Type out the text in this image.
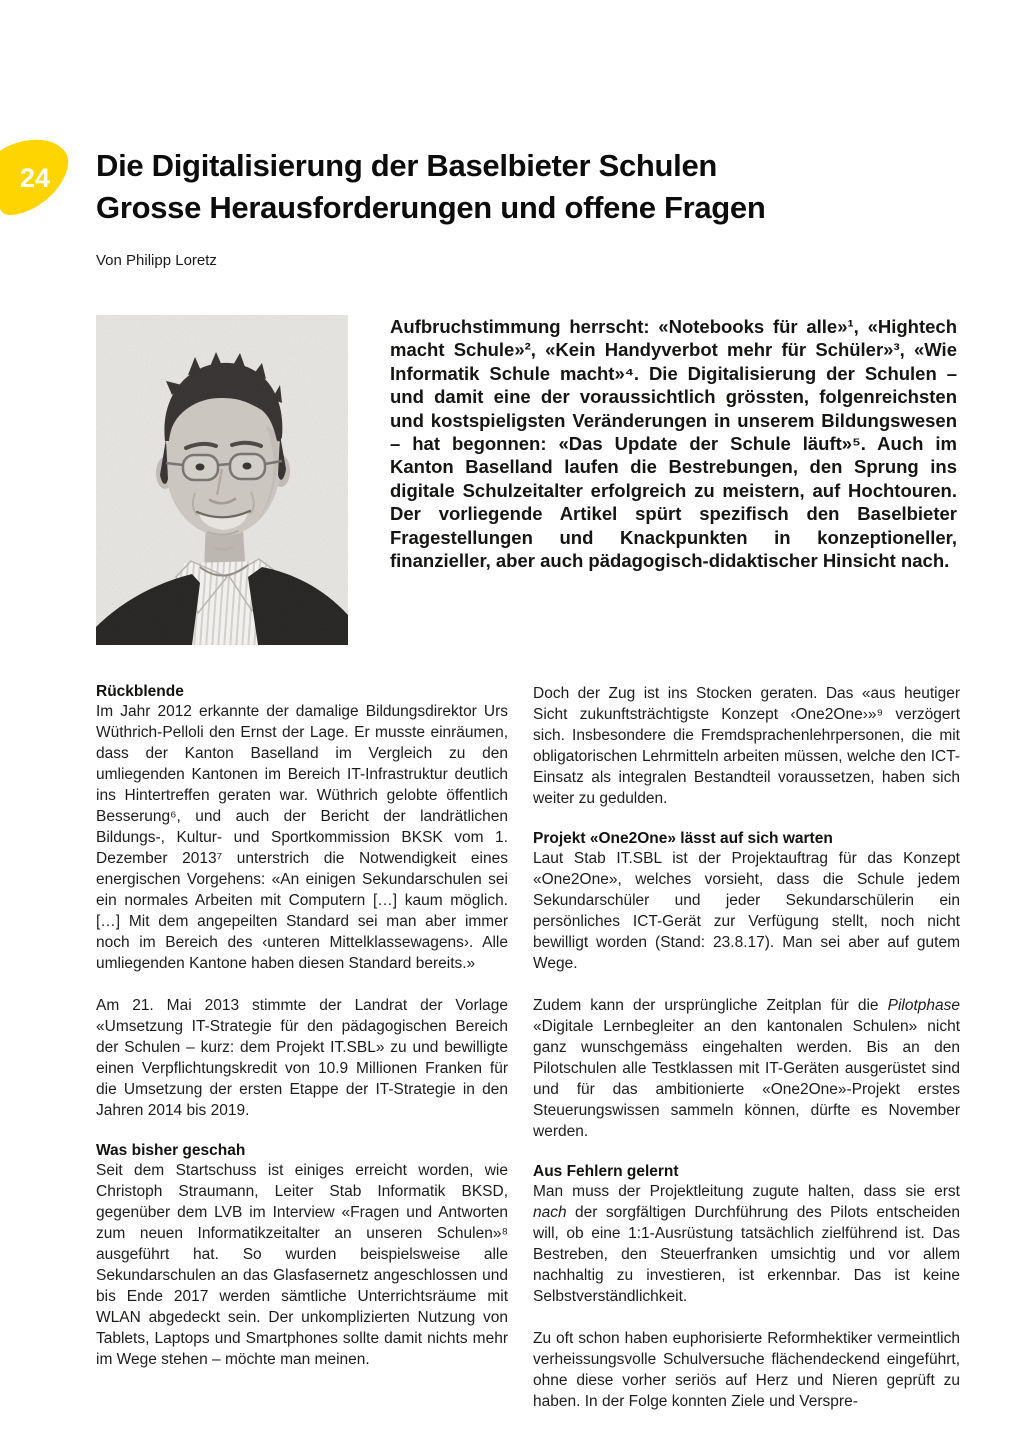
24 Die Digitalisierung der Baselbieter Schulen
Grosse Herausforderungen und offene Fragen
Von Philipp Loretz

Aufbruchstimmung herrscht: «Notebooks für alle»¹, «Hightech macht Schule»², «Kein Handyverbot mehr für Schüler»³, «Wie Informatik Schule macht»⁴. Die Digitalisierung der Schulen – und damit eine der voraussichtlich grössten, folgenreichsten und kostspieligsten Veränderungen in unserem Bildungswesen – hat begonnen: «Das Update der Schule läuft»⁵. Auch im Kanton Baselland laufen die Bestrebungen, den Sprung ins digitale Schulzeitalter erfolgreich zu meistern, auf Hochtouren. Der vorliegende Artikel spürt spezifisch den Baselbieter Fragestellungen und Knackpunkten in konzeptioneller, finanzieller, aber auch pädagogisch-didaktischer Hinsicht nach.

Rückblende

Im Jahr 2012 erkannte der damalige Bildungsdirektor Urs Wüthrich-Pelloli den Ernst der Lage. Er musste einräumen, dass der Kanton Baselland im Vergleich zu den umliegenden Kantonen im Bereich IT-Infrastruktur deutlich ins Hintertreffen geraten war. Wüthrich gelobte öffentlich Besserung⁶, und auch der Bericht der landrätlichen Bildungs-, Kultur- und Sportkommission BKSK vom 1. Dezember 2013⁷ unterstrich die Notwendigkeit eines energischen Vorgehens: «An einigen Sekundarschulen sei ein normales Arbeiten mit Computern […] kaum möglich. […] Mit dem angepeilten Standard sei man aber immer noch im Bereich des ‹unteren Mittelklassewagens›. Alle umliegenden Kantone haben diesen Standard bereits.»

Am 21. Mai 2013 stimmte der Landrat der Vorlage «Umsetzung IT-Strategie für den pädagogischen Bereich der Schulen – kurz: dem Projekt IT.SBL» zu und bewilligte einen Verpflichtungskredit von 10.9 Millionen Franken für die Umsetzung der ersten Etappe der IT-Strategie in den Jahren 2014 bis 2019.

Was bisher geschah

Seit dem Startschuss ist einiges erreicht worden, wie Christoph Straumann, Leiter Stab Informatik BKSD, gegenüber dem LVB im Interview «Fragen und Antworten zum neuen Informatikzeitalter an unseren Schulen»⁸ ausgeführt hat. So wurden beispielsweise alle Sekundarschulen an das Glasfasernetz angeschlossen und bis Ende 2017 werden sämtliche Unterrichtsräume mit WLAN abgedeckt sein. Der unkomplizierten Nutzung von Tablets, Laptops und Smartphones sollte damit nichts mehr im Wege stehen – möchte man meinen.

Doch der Zug ist ins Stocken geraten. Das «aus heutiger Sicht zukunftsträchtigste Konzept ‹One2One›»⁹ verzögert sich. Insbesondere die Fremdsprachenlehrpersonen, die mit obligatorischen Lehrmitteln arbeiten müssen, welche den ICT-Einsatz als integralen Bestandteil voraussetzen, haben sich weiter zu gedulden.

Projekt «One2One» lässt auf sich warten

Laut Stab IT.SBL ist der Projektauftrag für das Konzept «One2One», welches vorsieht, dass die Schule jedem Sekundarschüler und jeder Sekundarschülerin ein persönliches ICT-Gerät zur Verfügung stellt, noch nicht bewilligt worden (Stand: 23.8.17). Man sei aber auf gutem Wege.

Zudem kann der ursprüngliche Zeitplan für die Pilotphase «Digitale Lernbegleiter an den kantonalen Schulen» nicht ganz wunschgemäss eingehalten werden. Bis an den Pilotschulen alle Testklassen mit IT-Geräten ausgerüstet sind und für das ambitionierte «One2One»-Projekt erstes Steuerungswissen sammeln können, dürfte es November werden.

Aus Fehlern gelernt

Man muss der Projektleitung zugute halten, dass sie erst nach der sorgfältigen Durchführung des Pilots entscheiden will, ob eine 1:1-Ausrüstung tatsächlich zielführend ist. Das Bestreben, den Steuerfranken umsichtig und vor allem nachhaltig zu investieren, ist erkennbar. Das ist keine Selbstverständlichkeit.

Zu oft schon haben euphorisierte Reformhektiker vermeintlich verheissungsvolle Schulversuche flächendeckend eingeführt, ohne diese vorher seriös auf Herz und Nieren geprüft zu haben. In der Folge konnten Ziele und Verspre-
